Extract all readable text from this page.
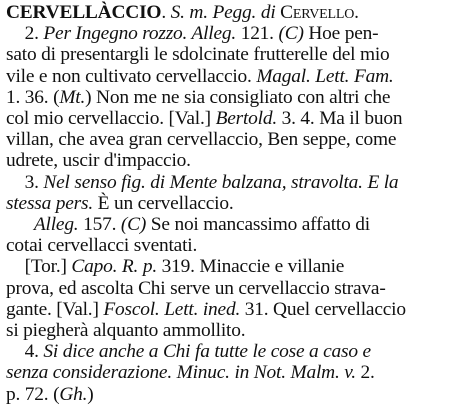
CERVELLÀCCIO. S. m. Pegg. di Cervello.
2. Per Ingegno rozzo. Alleg. 121. (C) Hoe pen-
sato di presentargli le sdolcinate frutterelle del mio
vile e non cultivato cervellaccio. Magal. Lett. Fam.
1. 36. (Mt.) Non me ne sia consigliato con altri che
col mio cervellaccio. [Val.] Bertold. 3. 4. Ma il buon
villan, che avea gran cervellaccio, Ben seppe, come
udrete, uscir d'impaccio.
3. Nel senso fig. di Mente balzana, stravolta. E la
stessa pers. È un cervellaccio.
Alleg. 157. (C) Se noi mancassimo affatto di
cotai cervellacci sventati.
[Tor.] Capo. R. p. 319. Minaccie e villanie
prova, ed ascolta Chi serve un cervellaccio strava-
gante. [Val.] Foscol. Lett. ined. 31. Quel cervellaccio
si piegherà alquanto ammollito.
4. Si dice anche a Chi fa tutte le cose a caso e
senza considerazione. Minuc. in Not. Malm. v. 2.
p. 72. (Gh.)
